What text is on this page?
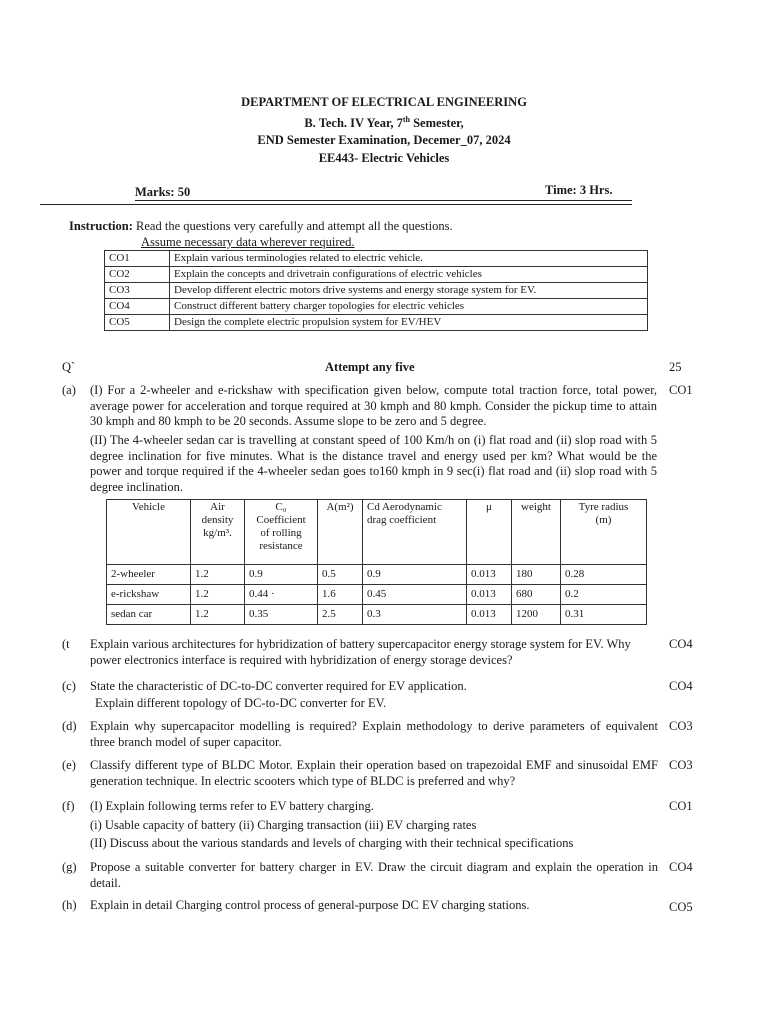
DEPARTMENT OF ELECTRICAL ENGINEERING
B. Tech. IV Year, 7th Semester,
END Semester Examination, Decemer_07, 2024
EE443- Electric Vehicles
Marks: 50	Time: 3 Hrs.
Instruction: Read the questions very carefully and attempt all the questions.
Assume necessary data wherever required.
CO1	Explain various terminologies related to electric vehicle.
CO2	Explain the concepts and drivetrain configurations of electric vehicles
CO3	Develop different electric motors drive systems and energy storage system for EV.
CO4	Construct different battery charger topologies for electric vehicles
CO5	Design the complete electric propulsion system for EV/HEV
Q`	Attempt any five	25
(a)	CO1
(I) For a 2-wheeler and e-rickshaw with specification given below, compute total traction force, total power, average power for acceleration and torque required at 30 kmph and 80 kmph. Consider the pickup time to attain 30 kmph and 80 kmph to be 20 seconds. Assume slope to be zero and 5 degree.
(II) The 4-wheeler sedan car is travelling at constant speed of 100 Km/h on (i) flat road and (ii) slop road with 5 degree inclination for five minutes. What is the distance travel and energy used per km? What would be the power and torque required if the 4-wheeler sedan goes to160 kmph in 9 sec(i) flat road and (ii) slop road with 5 degree inclination.
Vehicle	Air
density
kg/m³.	C₀
Coefficient
of rolling
resistance	A(m²)	Cd Aerodynamic
drag coefficient	μ	weight	Tyre radius
(m)
2-wheeler	1.2	0.9	0.5	0.9	0.013	180	0.28
e-rickshaw	1.2	0.44 ·	1.6	0.45	0.013	680	0.2
sedan car	1.2	0.35	2.5	0.3	0.013	1200	0.31
(t	CO4
Explain various architectures for hybridization of battery supercapacitor energy storage system for EV. Why power electronics interface is required with hybridization of energy storage devices?
(c)	CO4
State the characteristic of DC-to-DC converter required for EV application.
Explain different topology of DC-to-DC converter for EV.
(d)	CO3
Explain why supercapacitor modelling is required? Explain methodology to derive parameters of equivalent three branch model of super capacitor.
(e)	CO3
Classify different type of BLDC Motor. Explain their operation based on trapezoidal EMF and sinusoidal EMF generation technique. In electric scooters which type of BLDC is preferred and why?
(f)	CO1
(I) Explain following terms refer to EV battery charging.
(i) Usable capacity of battery (ii) Charging transaction (iii) EV charging rates
(II) Discuss about the various standards and levels of charging with their technical specifications
(g)	CO4
Propose a suitable converter for battery charger in EV. Draw the circuit diagram and explain the operation in detail.
(h)	CO5
Explain in detail Charging control process of general-purpose DC EV charging stations.
